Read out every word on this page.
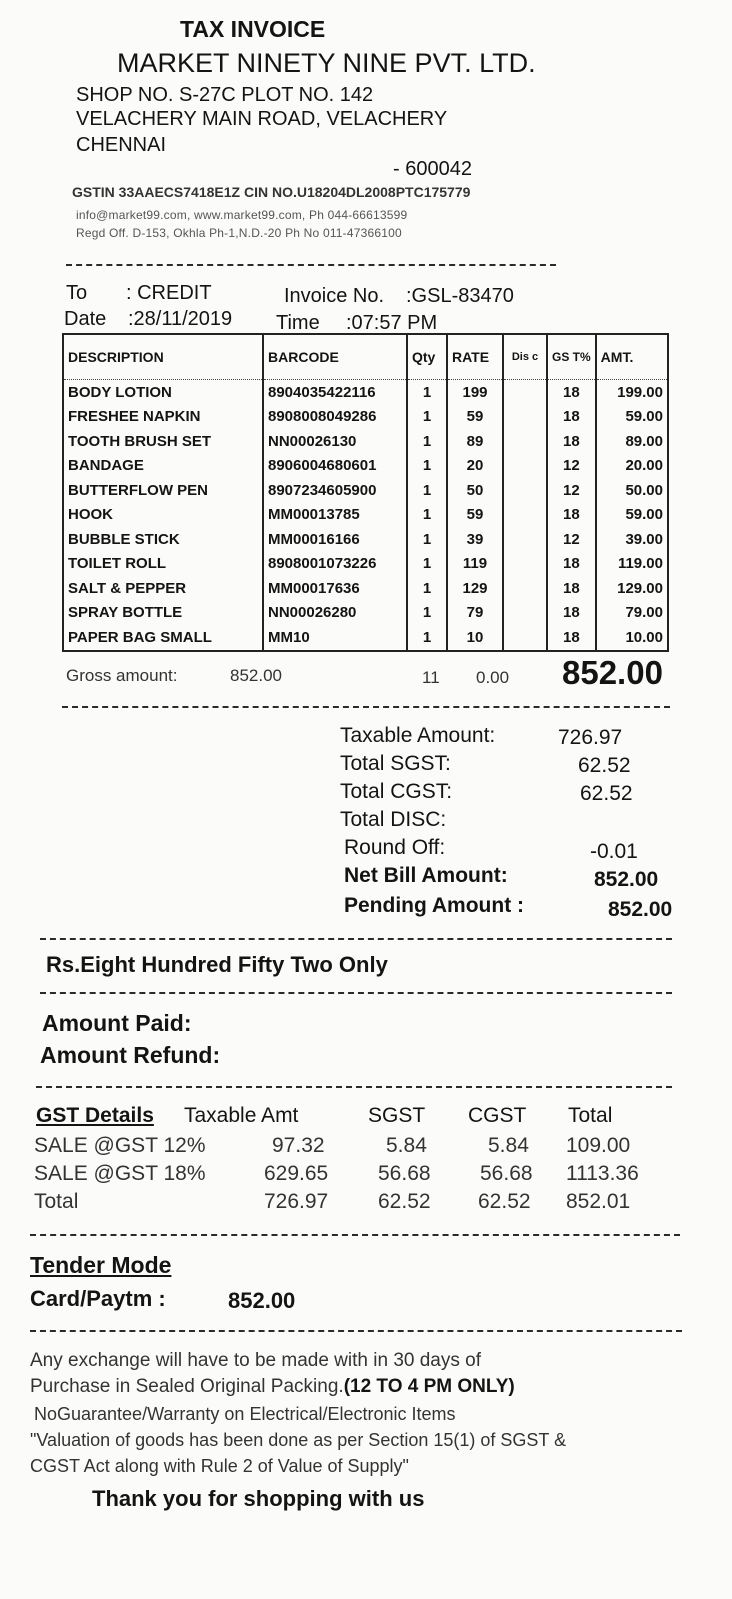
TAX INVOICE
MARKET NINETY NINE PVT. LTD.
SHOP NO. S-27C PLOT NO. 142
VELACHERY MAIN ROAD, VELACHERY
CHENNAI
- 600042
GSTIN 33AAECS7418E1Z CIN NO.U18204DL2008PTC175779
info@market99.com, www.market99.com, Ph 044-66613599
Regd Off. D-153, Okhla Ph-1,N.D.-20 Ph No 011-47366100
To : CREDIT	Invoice No. :GSL-83470
Date :28/11/2019 Time :07:57 PM
DESCRIPTION	BARCODE	Qty	RATE	Dis c	GS T%	AMT.
BODY LOTION	8904035422116	1	199		18	199.00
FRESHEE NAPKIN	8908008049286	1	59		18	59.00
TOOTH BRUSH SET	NN00026130	1	89		18	89.00
BANDAGE	8906004680601	1	20		12	20.00
BUTTERFLOW PEN	8907234605900	1	50		12	50.00
HOOK	MM00013785	1	59		18	59.00
BUBBLE STICK	MM00016166	1	39		12	39.00
TOILET ROLL	8908001073226	1	119		18	119.00
SALT & PEPPER	MM00017636	1	129		18	129.00
SPRAY BOTTLE	NN00026280	1	79		18	79.00
PAPER BAG SMALL	MM10	1	10		18	10.00
Gross amount:	852.00	11 0.00 852.00
Taxable Amount:	726.97
Total SGST:	62.52
Total CGST:	62.52
Total DISC:
Round Off:	-0.01
Net Bill Amount:	852.00
Pending Amount :	852.00
Rs.Eight Hundred Fifty Two Only
Amount Paid:
Amount Refund:
GST Details Taxable Amt	SGST CGST Total
SALE @GST 12%	97.32	5.84	5.84 109.00
SALE @GST 18%	629.65 56.68 56.68 1113.36
Total	726.97 62.52 62.52 852.01
Tender Mode
Card/Paytm :	852.00
Any exchange will have to be made with in 30 days of
Purchase in Sealed Original Packing.(12 TO 4 PM ONLY)
NoGuarantee/Warranty on Electrical/Electronic Items
"Valuation of goods has been done as per Section 15(1) of SGST &
CGST Act along with Rule 2 of Value of Supply"
Thank you for shopping with us
